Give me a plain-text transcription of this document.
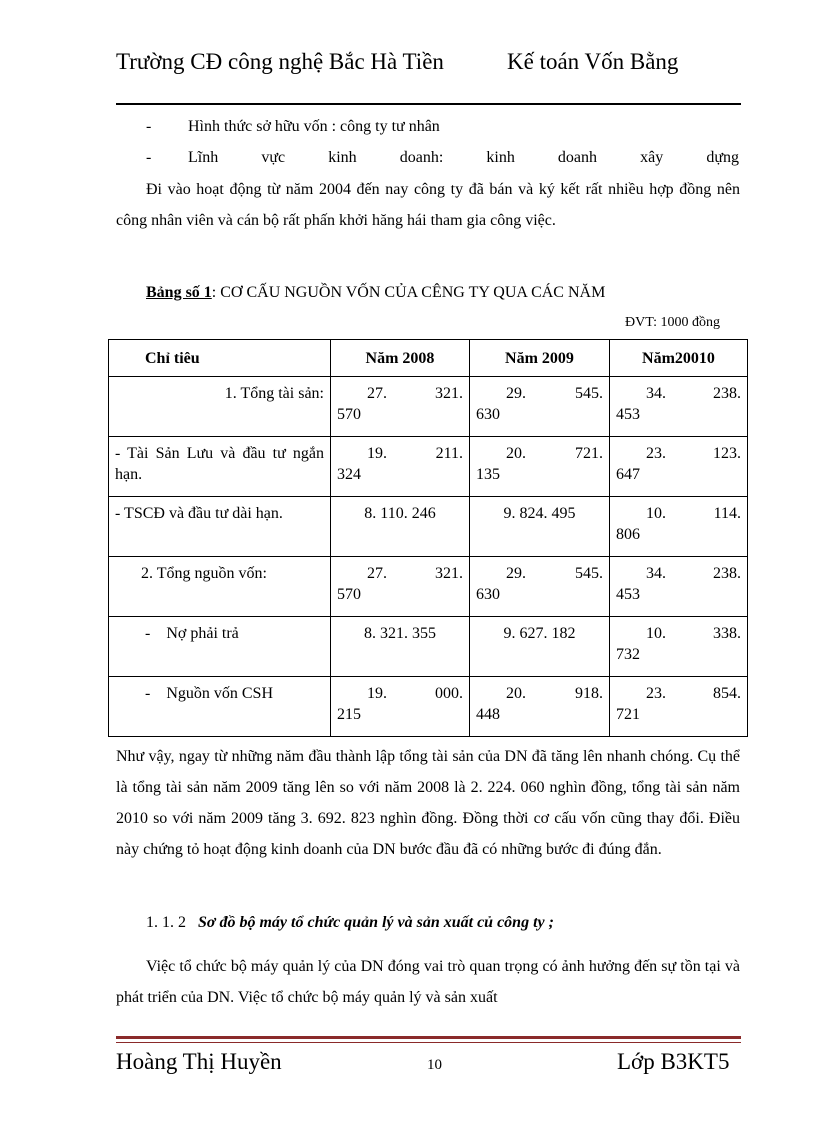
Trường CĐ công nghệ Bắc Hà Tiền	Kế toán Vốn Bằng
- Hình thức sở hữu vốn : công ty tư nhân
- Lĩnh	vực	kinh	doanh:	kinh	doanh	xây	dựng

Đi vào hoạt động từ năm 2004 đến nay công ty đã bán và ký kết rất nhiều hợp đồng nên công nhân viên và cán bộ rất phấn khởi hăng hái tham gia công việc.

Bảng số 1: CƠ CẤU NGUỒN VỐN CỦA CÊNG TY QUA CÁC NĂM
ĐVT: 1000 đồng
Chỉ tiêu	Năm 2008	Năm 2009	Năm20010
1. Tổng tài sản:	27. 321.
570	29. 545.
630	34. 238.
453
- Tài Sản Lưu và đầu tư ngắn hạn.	19. 211.
324	20. 721.
135	23. 123.
647
- TSCĐ và đầu tư dài hạn.	8. 110. 246	9. 824. 495	10. 114.
806
2. Tổng nguồn vốn:	27. 321.
570	29. 545.
630	34. 238.
453
-    Nợ phải trả	8. 321. 355	9. 627. 182	10. 338.
732
-    Nguồn vốn CSH	19. 000.
215	20. 918.
448	23. 854.
721

Như vậy, ngay từ những năm đầu thành lập tổng tài sản của DN đã tăng lên nhanh chóng. Cụ thể là tổng tài sản năm 2009 tăng lên so với năm 2008 là 2. 224. 060 nghìn đồng, tổng tài sản năm 2010 so với năm 2009 tăng 3. 692. 823 nghìn đồng. Đồng thời cơ cấu vốn cũng thay đổi. Điều này chứng tỏ hoạt động kinh doanh của DN bước đầu đã có những bước đi đúng đắn.

1. 1. 2 Sơ đồ bộ máy tổ chức quản lý và sản xuất củ công ty ;

Việc tổ chức bộ máy quản lý của DN đóng vai trò quan trọng có ảnh hưởng đến sự tồn tại và phát triển của DN. Việc tổ chức bộ máy quản lý và sản xuất

Hoàng Thị Huyền	10	Lớp B3KT5
